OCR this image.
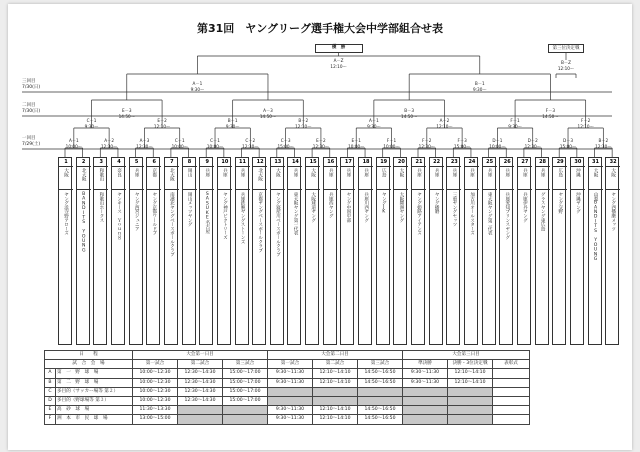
第31回　ヤングリーグ選手権大会中学部組合せ表
1
大阪
ヤング浜寺野アローズ
2
北大阪
BANDITS YOUNG
3
和歌山
和歌山ホークス
4
奈良
ヤンキース　Ｙｏｕｎｇ
5
兵庫
ヤング西宮ジュニア
6
京都
ヤング京都ワールドブ
7
北大阪
南港北ヤングベースボールクラブ
8
岡山
岡山メッツヤング
9
兵庫
SASUKE名古屋
10
兵庫
ヤング神戸ビクトリーズ
11
兵庫
兵庫鉄腕ヤングストーンズ
12
北大阪
京都ヤングベースボールクラブ
13
大阪
ヤング寝屋川ベースボールクラブ
14
兵庫
東大阪ヤング第一代表
15
大阪
大阪球道ヤング
16
兵庫
兵庫西ヤング
17
兵庫
ヤング中国中部
18
兵庫
兵庫川西ヤング
19
広島
ヤングJK
20
大阪
大阪舞洲ヤング
21
兵庫
ヤング姫路アイアンズ
22
兵庫
ヤング播磨
23
兵庫
三重ヤングセッツ
24
兵庫
加古川オールスターズ
25
兵庫
東大阪ヤング第二代表
26
兵庫
兵庫愛知プリンスヤング
27
兵庫
兵庫伊丹ヤング
28
兵庫
グラスヤング東広島
29
広島
ヤング交野
30
沖縄
沖縄ヤング
31
大阪
山梨BANDITS YOUNG
32
大阪
ヤング西播磨メッツ
A－2
12:30～
A－3
12:30～
C－1
10:00～
C－2
12:30～
C－3
15:00～
E－1
10:00～
F－1
10:00～
F－2
12:30～
F－3
15:00～
D－1
10:00～
D－2
12:30～
D－3
15:00～
B－2
12:30～
A－1
10:00～
C－1
10:00～
E－2
12:30～
C－1
9:30～
E－2
12:10～
B－1
9:30～
B－2
12:10～
A－1
9:30～
A－2
12:10～
F－1
9:30～
F－2
12:10～
E－3
14:50～
A－3
14:50～
B－3
14:50～
F－3
14:50～
A－1
9:30～
B－1
9:30～
優　勝
A－Z
12:10～
第三位決定戦
B－Z
12:10～
三回目
7/30(日)
二回目
7/30(日)
一回目
7/29(土)
日　　程		大会第一日目			大会第二日目			大会第三日目		
試　合　会　場		第一試合	第二試合	第三試合	第一試合	第二試合	第三試合	準決勝	決勝・3位決定戦	表彰式
A	第　一　野　球　場	10:00～12:30	12:30～14:30	15:00～17:00	9:30～11:30	12:10～14:10	14:50～16:50	9:30～11:30	12:10～14:10	
B	第　二　野　球　場	10:00～12:30	12:30～14:30	15:00～17:00	9:30～11:30	12:10～14:10	14:50～16:50	9:30～11:30	12:10～14:10	
C	多目的（サッカー場等 第２）	10:00～12:30	12:30～14:30	15:00～17:00						
D	多目的（野球場等 第３）	10:00～12:30	12:30～14:30	15:00～17:00						
E	高　砂　球　場	11:30～13:30			9:30～11:30	12:10～14:10	14:50～16:50			
F	洲　本　市　民　球　場	13:00～15:00			9:30～11:30	12:10～14:10	14:50～16:50			
